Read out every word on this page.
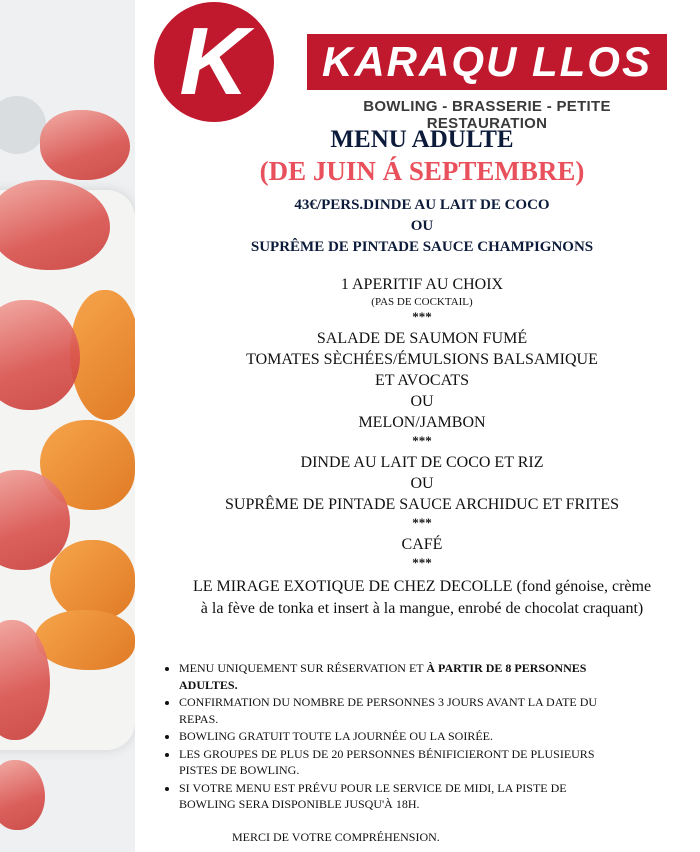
K KARAQU LLOS
BOWLING - BRASSERIE - PETITE RESTAURATION
MENU ADULTE
(DE JUIN Á SEPTEMBRE)
43€/PERS.DINDE AU LAIT DE COCO
OU
SUPRÊME DE PINTADE SAUCE CHAMPIGNONS
1 APERITIF AU CHOIX
(PAS DE COCKTAIL)
***
SALADE DE SAUMON FUMÉ
TOMATES SÈCHÉES/ÉMULSIONS BALSAMIQUE
ET AVOCATS
OU
MELON/JAMBON
***
DINDE AU LAIT DE COCO ET RIZ
OU
SUPRÊME DE PINTADE SAUCE ARCHIDUC ET FRITES
***
CAFÉ
***
LE MIRAGE EXOTIQUE DE CHEZ DECOLLE (fond génoise, crème à la fève de tonka et insert à la mangue, enrobé de chocolat craquant)
• MENU UNIQUEMENT SUR RÉSERVATION ET À PARTIR DE 8 PERSONNES ADULTES.
• CONFIRMATION DU NOMBRE DE PERSONNES 3 JOURS AVANT LA DATE DU REPAS.
• BOWLING GRATUIT TOUTE LA JOURNÉE OU LA SOIRÉE.
• LES GROUPES DE PLUS DE 20 PERSONNES BÉNIFICIERONT DE PLUSIEURS PISTES DE BOWLING.
• SI VOTRE MENU EST PRÉVU POUR LE SERVICE DE MIDI, LA PISTE DE BOWLING SERA DISPONIBLE JUSQU'À 18H.
MERCI DE VOTRE COMPRÉHENSION.
